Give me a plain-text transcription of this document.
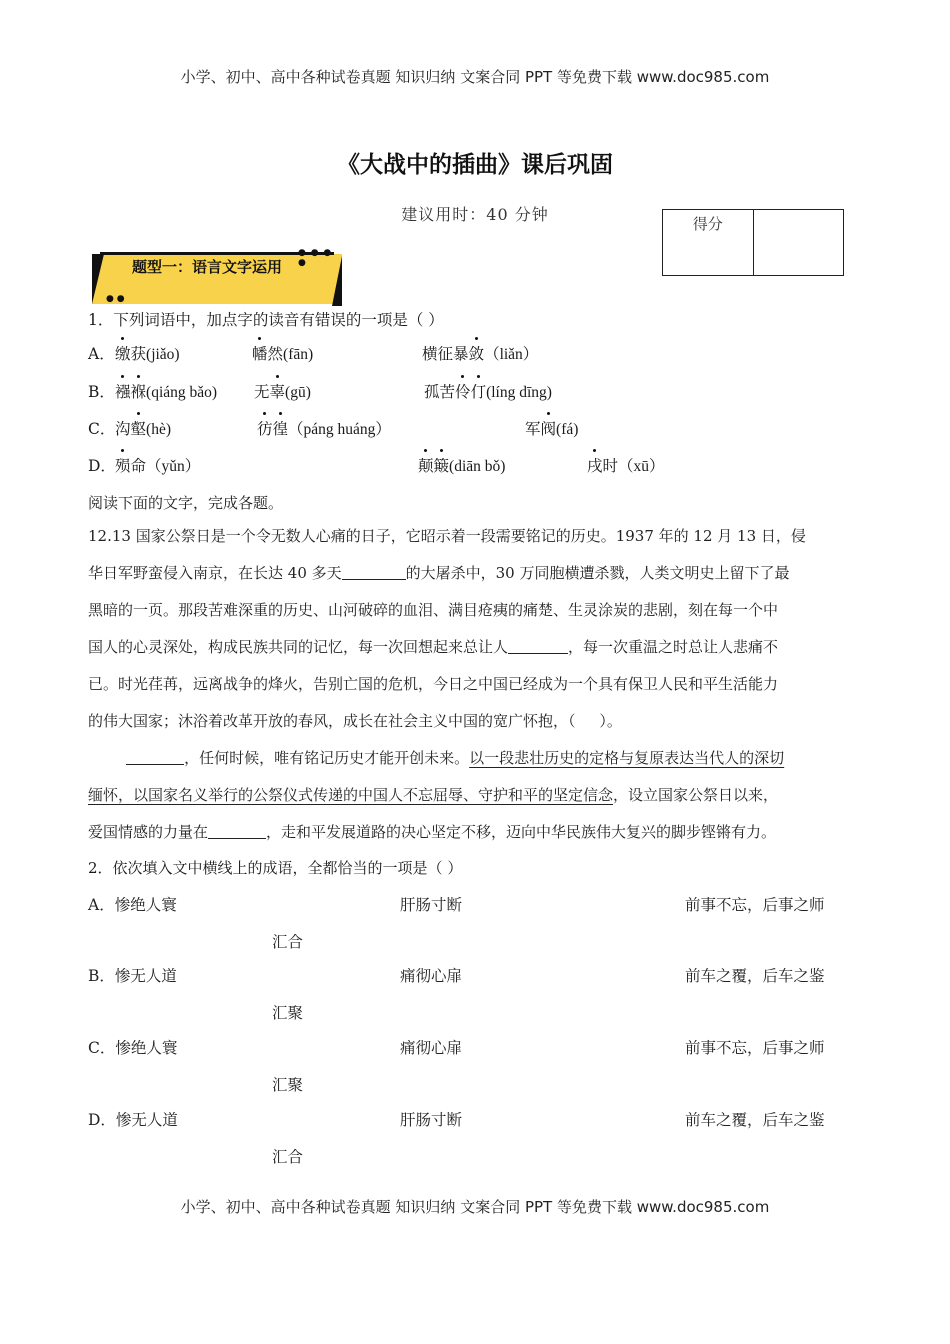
小学、初中、高中各种试卷真题 知识归纳 文案合同 PPT 等免费下载 www.doc985.com
《大战中的插曲》课后巩固
建议用时：40 分钟	得分
● ● ● ●
● ●
题型一：语言文字运用
1．下列词语中，加点字的读音有错误的一项是（ ）
A． 缴获(jiǎo)	幡然(fān)	横征暴敛（liǎn）
B． 襁褓(qiáng bǎo) 无辜(gū)	孤苦伶仃(líng dīng)
C． 沟壑(hè)	彷徨（páng huáng）	军阀(fá)
D． 殒命（yǔn）	颠簸(diān bǒ)	戌时（xū）
阅读下面的文字，完成各题。
12.13 国家公祭日是一个令无数人心痛的日子，它昭示着一段需要铭记的历史。1937 年的 12 月 13 日，侵
华日军野蛮侵入南京，在长达 40 多天	的大屠杀中，30 万同胞横遭杀戮，人类文明史上留下了最
黑暗的一页。那段苦难深重的历史、山河破碎的血泪、满目疮痍的痛楚、生灵涂炭的悲剧，刻在每一个中
国人的心灵深处，构成民族共同的记忆，每一次回想起来总让人	，每一次重温之时总让人悲痛不
已。时光荏苒，远离战争的烽火，告别亡国的危机，今日之中国已经成为一个具有保卫人民和平生活能力
的伟大国家；沐浴着改革开放的春风，成长在社会主义中国的宽广怀抱，（     ）。
，任何时候，唯有铭记历史才能开创未来。以一段悲壮历史的定格与复原表达当代人的深切
缅怀，以国家名义举行的公祭仪式传递的中国人不忘屈辱、守护和平的坚定信念，设立国家公祭日以来，
爱国情感的力量在	，走和平发展道路的决心坚定不移，迈向中华民族伟大复兴的脚步铿锵有力。
2．依次填入文中横线上的成语，全都恰当的一项是（ ）
A．惨绝人寰	肝肠寸断	前事不忘，后事之师
汇合
B．惨无人道	痛彻心扉	前车之覆，后车之鉴
汇聚
C．惨绝人寰	痛彻心扉	前事不忘，后事之师
汇聚
D．惨无人道	肝肠寸断	前车之覆，后车之鉴
汇合
小学、初中、高中各种试卷真题 知识归纳 文案合同 PPT 等免费下载 www.doc985.com
